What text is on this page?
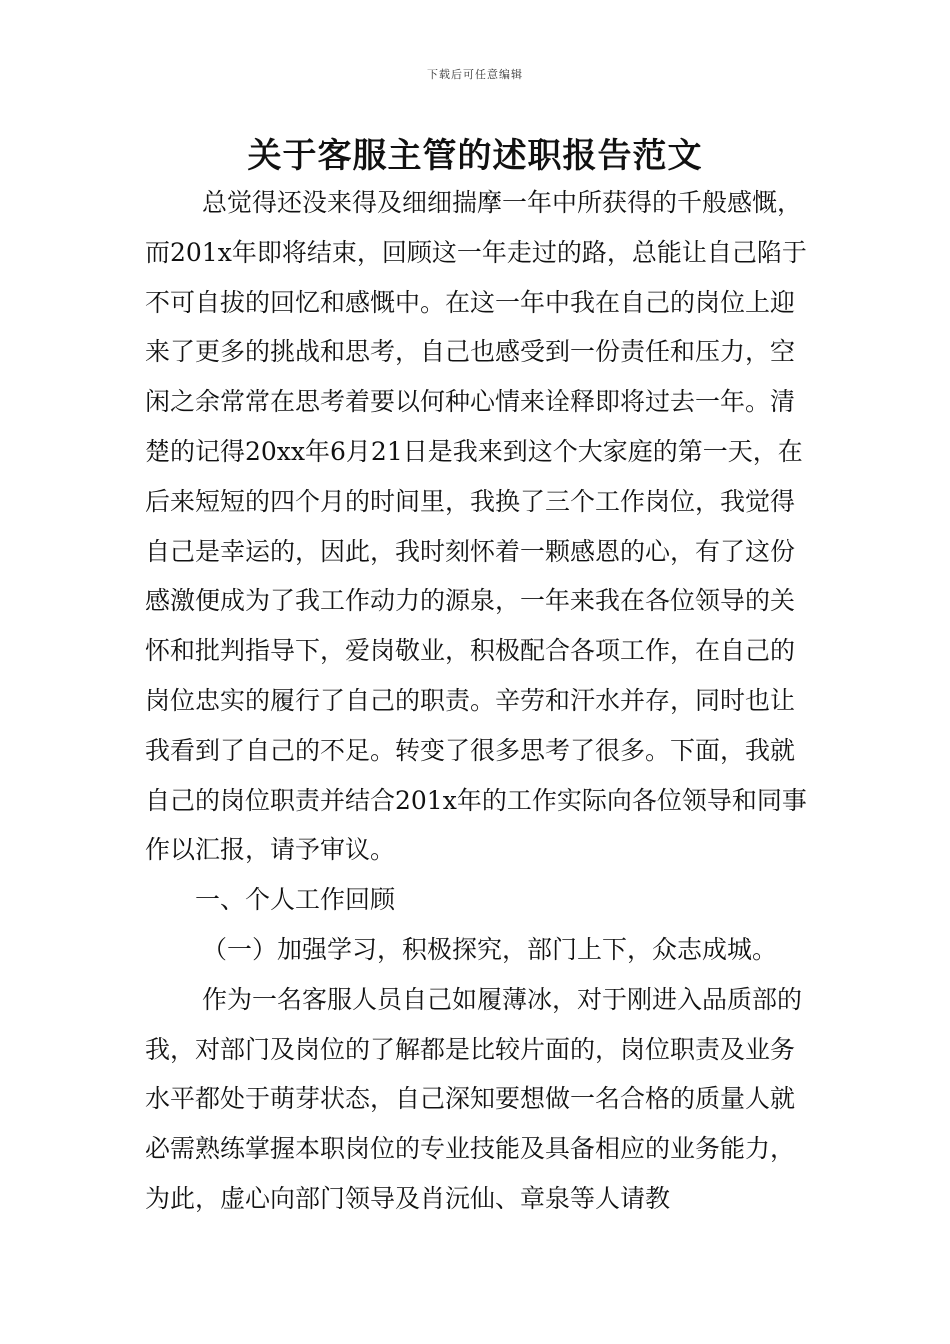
下载后可任意编辑
关于客服主管的述职报告范文

总觉得还没来得及细细揣摩一年中所获得的千般感慨，而201x年即将结束，回顾这一年走过的路，总能让自己陷于不可自拔的回忆和感慨中。在这一年中我在自己的岗位上迎来了更多的挑战和思考，自己也感受到一份责任和压力，空闲之余常常在思考着要以何种心情来诠释即将过去一年。清楚的记得20xx年6月21日是我来到这个大家庭的第一天，在后来短短的四个月的时间里，我换了三个工作岗位，我觉得自己是幸运的，因此，我时刻怀着一颗感恩的心，有了这份感激便成为了我工作动力的源泉，一年来我在各位领导的关怀和批判指导下，爱岗敬业，积极配合各项工作，在自己的岗位忠实的履行了自己的职责。辛劳和汗水并存，同时也让我看到了自己的不足。转变了很多思考了很多。下面，我就自己的岗位职责并结合201x年的工作实际向各位领导和同事作以汇报，请予审议。

一、个人工作回顾

（一）加强学习，积极探究，部门上下，众志成城。

作为一名客服人员自己如履薄冰，对于刚进入品质部的我，对部门及岗位的了解都是比较片面的，岗位职责及业务水平都处于萌芽状态，自己深知要想做一名合格的质量人就必需熟练掌握本职岗位的专业技能及具备相应的业务能力，为此，虚心向部门领导及肖沅仙、章泉等人请教
